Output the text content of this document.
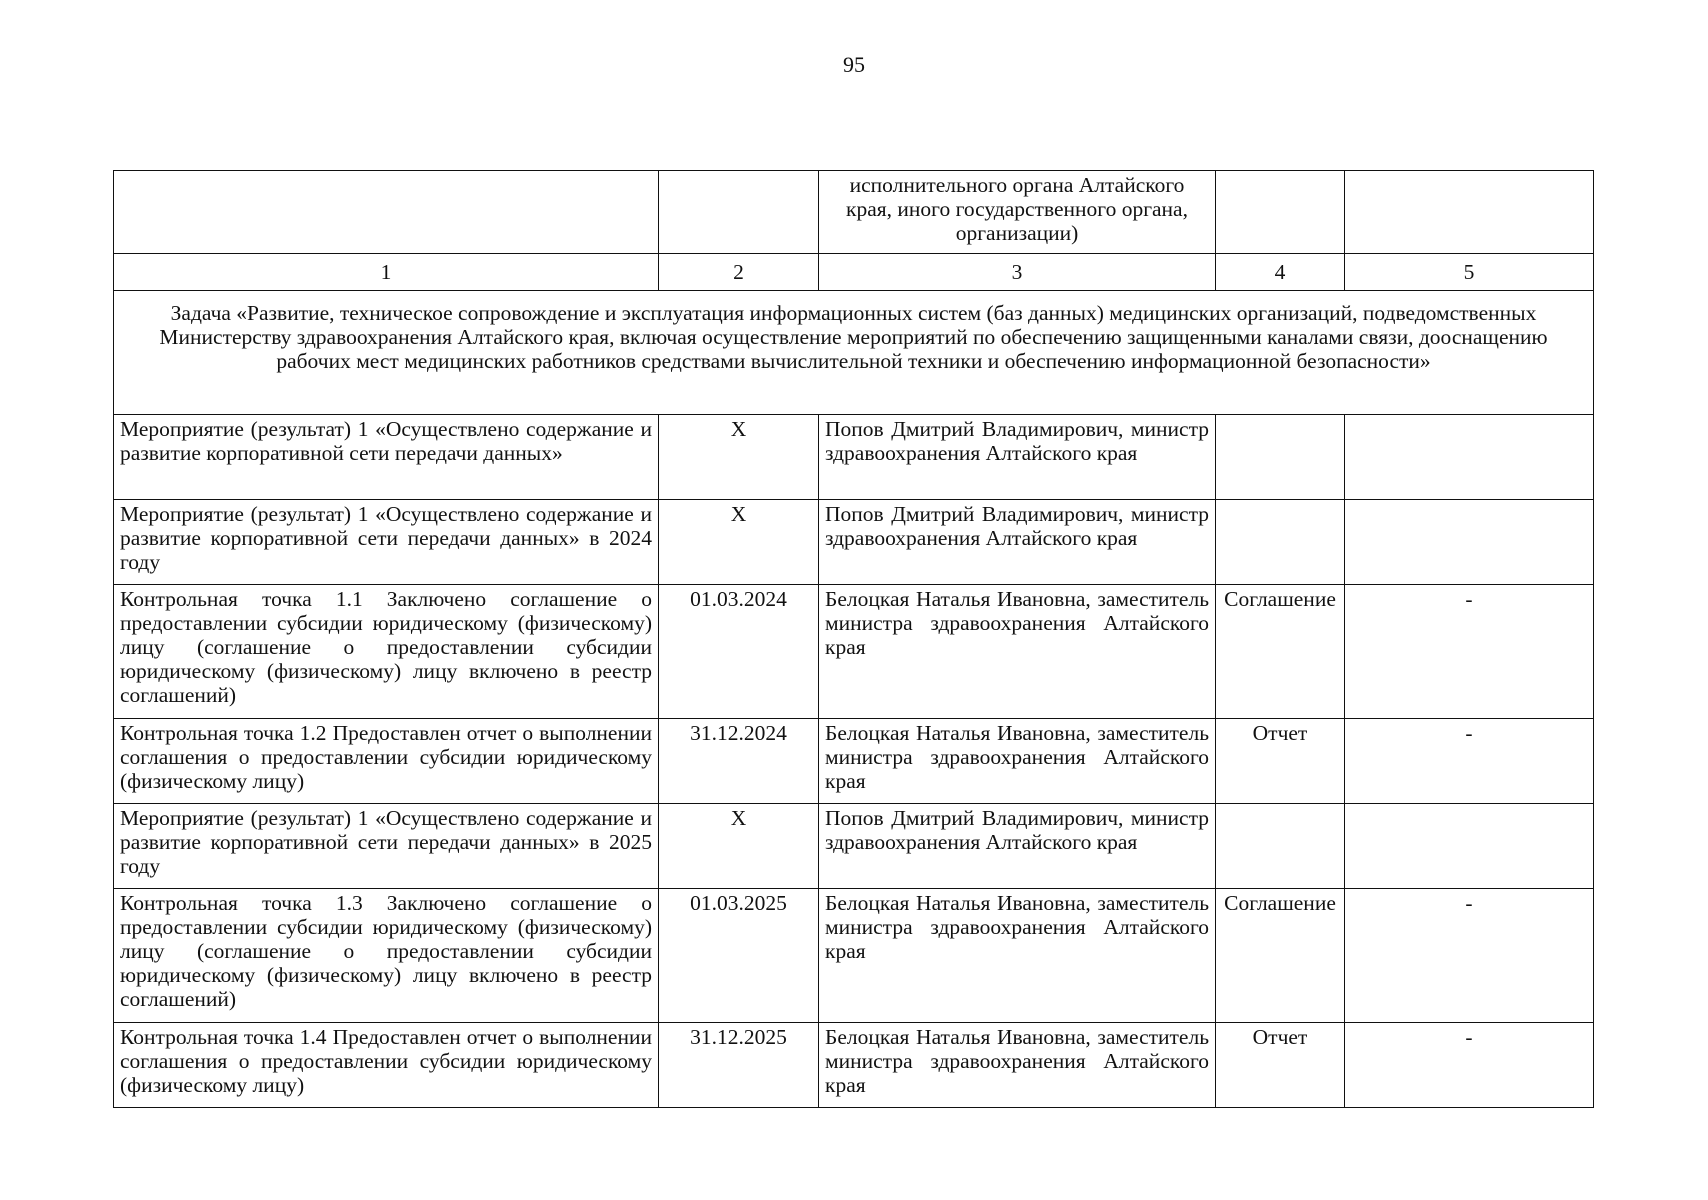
95
		исполнительного органа Алтайского края, иного государственного органа, организации)		
1	2	3	4	5
Задача «Развитие, техническое сопровождение и эксплуатация информационных систем (баз данных) медицинских организаций, подведомственных Министерству здравоохранения Алтайского края, включая осуществление мероприятий по обеспечению защищенными каналами связи, дооснащению рабочих мест медицинских работников средствами вычислительной техники и обеспечению информационной безопасности»				
Мероприятие (результат) 1 «Осуществлено содержание и развитие корпоративной сети передачи данных»	X	Попов Дмитрий Владимирович, министр здравоохранения Алтайского края		
Мероприятие (результат) 1 «Осуществлено содержание и развитие корпоративной сети передачи данных» в 2024 году	X	Попов Дмитрий Владимирович, министр здравоохранения Алтайского края		
Контрольная точка 1.1 Заключено соглашение о предоставлении субсидии юридическому (физическому) лицу (соглашение о предоставлении субсидии юридическому (физическому) лицу включено в реестр соглашений)	01.03.2024	Белоцкая Наталья Ивановна, заместитель министра здравоохранения Алтайского края	Соглашение	-
Контрольная точка 1.2 Предоставлен отчет о выполнении соглашения о предоставлении субсидии юридическому (физическому лицу)	31.12.2024	Белоцкая Наталья Ивановна, заместитель министра здравоохранения Алтайского края	Отчет	-
Мероприятие (результат) 1 «Осуществлено содержание и развитие корпоративной сети передачи данных» в 2025 году	X	Попов Дмитрий Владимирович, министр здравоохранения Алтайского края		
Контрольная точка 1.3 Заключено соглашение о предоставлении субсидии юридическому (физическому) лицу (соглашение о предоставлении субсидии юридическому (физическому) лицу включено в реестр соглашений)	01.03.2025	Белоцкая Наталья Ивановна, заместитель министра здравоохранения Алтайского края	Соглашение	-
Контрольная точка 1.4 Предоставлен отчет о выполнении соглашения о предоставлении субсидии юридическому (физическому лицу)	31.12.2025	Белоцкая Наталья Ивановна, заместитель министра здравоохранения Алтайского края	Отчет	-
